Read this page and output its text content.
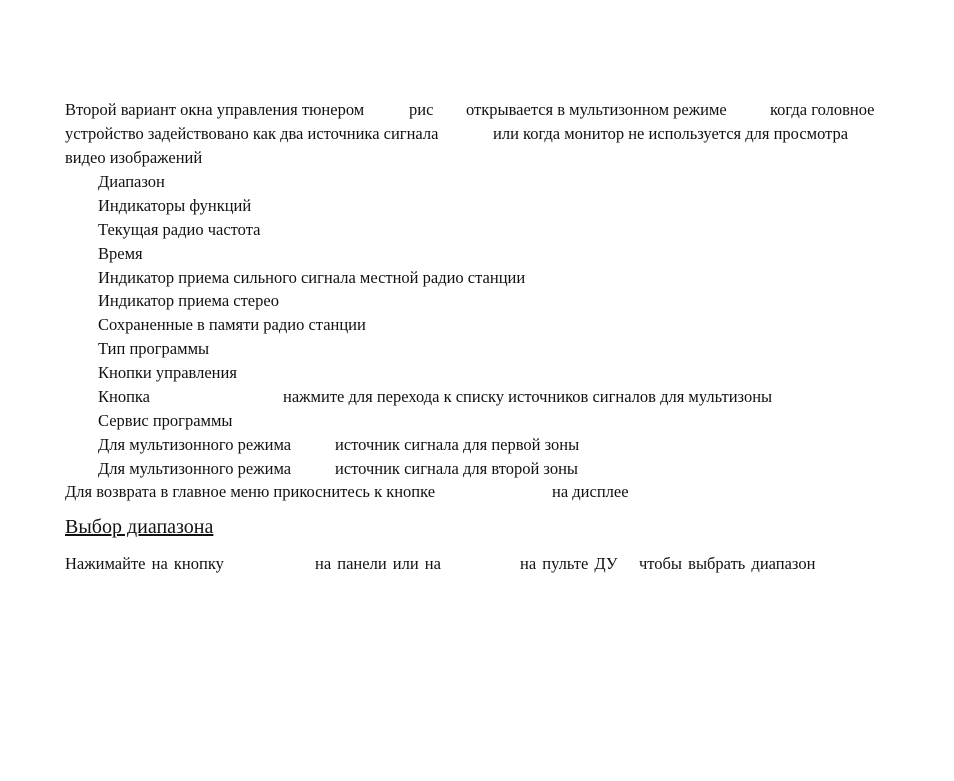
Второй вариант окна управления тюнером	рис открывается в мультизонном режиме	когда головное
устройство задействовано как два источника сигнала	или когда монитор не используется для просмотра
видео изображений
Диапазон
Индикаторы функций
Текущая радио частота
Время
Индикатор приема сильного сигнала местной радио станции
Индикатор приема стерео
Сохраненные в памяти радио станции
Тип программы
Кнопки управления
Кнопка	нажмите для перехода к списку источников сигналов для мультизоны
Сервис программы
Для мультизонного режима	источник сигнала для первой зоны
Для мультизонного режима	источник сигнала для второй зоны
Для возврата в главное меню прикоснитесь к кнопке	на дисплее
Выбор диапазона
Нажимайте на кнопку	на панели или на	на пульте ДУ чтобы выбрать диапазон
